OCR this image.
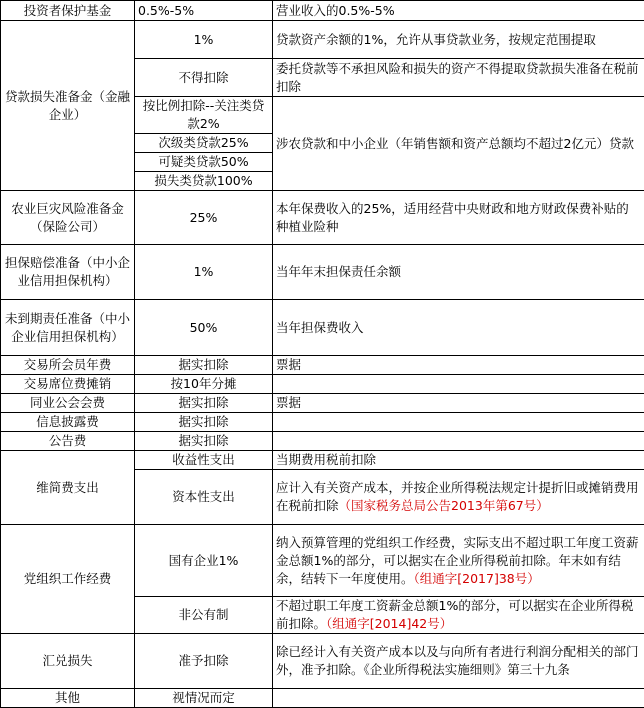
投资者保护基金	0.5%-5%	营业收入的0.5%-5%
贷款损失准备金（金融企业）	1%	贷款资产余额的1%，允许从事贷款业务，按规定范围提取
	不得扣除	委托贷款等不承担风险和损失的资产不得提取贷款损失准备在税前扣除
	按比例扣除--关注类贷款2%	涉农贷款和中小企业（年销售额和资产总额均不超过2亿元）贷款
	次级类贷款25%	
	可疑类贷款50%	
	损失类贷款100%	
农业巨灾风险准备金（保险公司）	25%	本年保费收入的25%，适用经营中央财政和地方财政保费补贴的种植业险种
担保赔偿准备（中小企业信用担保机构）	1%	当年年末担保责任余额
未到期责任准备（中小企业信用担保机构）	50%	当年担保费收入
交易所会员年费	据实扣除	票据
交易席位费摊销	按10年分摊	
同业公会会费	据实扣除	票据
信息披露费	据实扣除	
公告费	据实扣除	
维简费支出	收益性支出	当期费用税前扣除
	资本性支出	应计入有关资产成本，并按企业所得税法规定计提折旧或摊销费用在税前扣除（国家税务总局公告2013年第67号）
党组织工作经费	国有企业1%	纳入预算管理的党组织工作经费，实际支出不超过职工年度工资薪金总额1%的部分，可以据实在企业所得税前扣除。年末如有结余，结转下一年度使用。（组通字[2017]38号）
	非公有制	不超过职工年度工资薪金总额1%的部分，可以据实在企业所得税前扣除。（组通字[2014]42号）
汇兑损失	准予扣除	除已经计入有关资产成本以及与向所有者进行利润分配相关的部门外，准予扣除。《企业所得税法实施细则》第三十九条
其他	视情况而定	
